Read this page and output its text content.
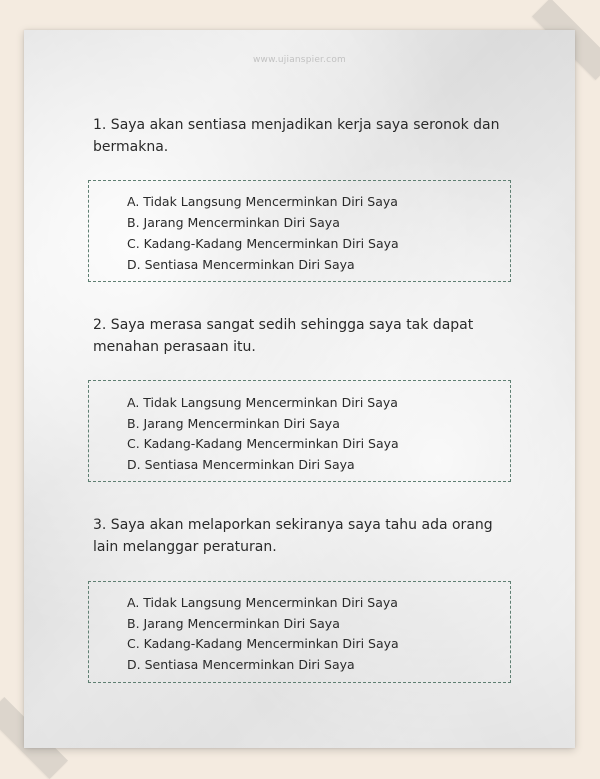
www.ujianspier.com
1. Saya akan sentiasa menjadikan kerja saya seronok dan bermakna.
A. Tidak Langsung Mencerminkan Diri Saya
B. Jarang Mencerminkan Diri Saya
C. Kadang-Kadang Mencerminkan Diri Saya
D. Sentiasa Mencerminkan Diri Saya
2. Saya merasa sangat sedih sehingga saya tak dapat menahan perasaan itu.
A. Tidak Langsung Mencerminkan Diri Saya
B. Jarang Mencerminkan Diri Saya
C. Kadang-Kadang Mencerminkan Diri Saya
D. Sentiasa Mencerminkan Diri Saya
3. Saya akan melaporkan sekiranya saya tahu ada orang lain melanggar peraturan.
A. Tidak Langsung Mencerminkan Diri Saya
B. Jarang Mencerminkan Diri Saya
C. Kadang-Kadang Mencerminkan Diri Saya
D. Sentiasa Mencerminkan Diri Saya
